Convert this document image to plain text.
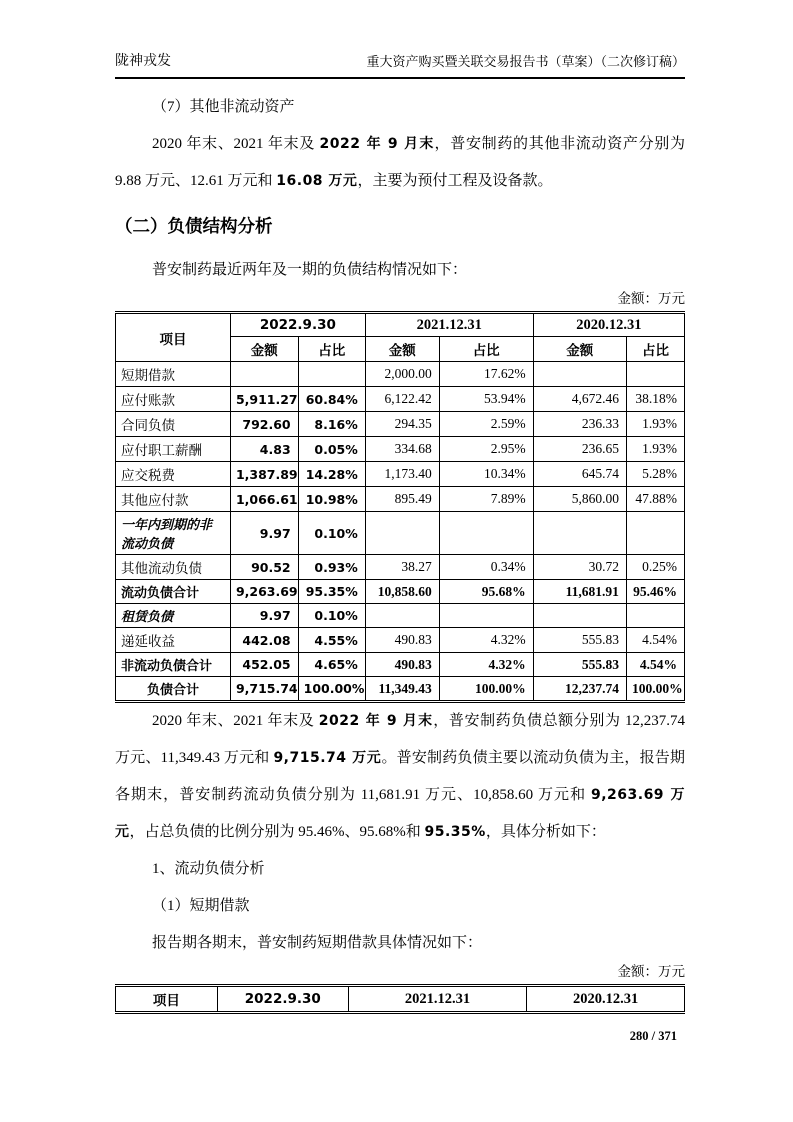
陇神戎发	重大资产购买暨关联交易报告书（草案）（二次修订稿）

（7）其他非流动资产

2020 年末、2021 年末及 2022 年 9 月末，普安制药的其他非流动资产分别为 9.88 万元、12.61 万元和 16.08 万元，主要为预付工程及设备款。

（二）负债结构分析

普安制药最近两年及一期的负债结构情况如下：

金额：万元
项目	2022.9.30		2021.12.31		2020.12.31	
	金额	占比	金额	占比	金额	占比
短期借款			2,000.00	17.62%		
应付账款	5,911.27	60.84%	6,122.42	53.94%	4,672.46	38.18%
合同负债	792.60	8.16%	294.35	2.59%	236.33	1.93%
应付职工薪酬	4.83	0.05%	334.68	2.95%	236.65	1.93%
应交税费	1,387.89	14.28%	1,173.40	10.34%	645.74	5.28%
其他应付款	1,066.61	10.98%	895.49	7.89%	5,860.00	47.88%
一年内到期的非流动负债	9.97	0.10%				
其他流动负债	90.52	0.93%	38.27	0.34%	30.72	0.25%
流动负债合计	9,263.69	95.35%	10,858.60	95.68%	11,681.91	95.46%
租赁负债	9.97	0.10%				
递延收益	442.08	4.55%	490.83	4.32%	555.83	4.54%
非流动负债合计	452.05	4.65%	490.83	4.32%	555.83	4.54%
负债合计	9,715.74	100.00%	11,349.43	100.00%	12,237.74	100.00%

2020 年末、2021 年末及 2022 年 9 月末，普安制药负债总额分别为 12,237.74 万元、11,349.43 万元和 9,715.74 万元。普安制药负债主要以流动负债为主，报告期各期末，普安制药流动负债分别为 11,681.91 万元、10,858.60 万元和 9,263.69 万元，占总负债的比例分别为 95.46%、95.68%和 95.35%，具体分析如下：

1、流动负债分析

（1）短期借款

报告期各期末，普安制药短期借款具体情况如下：

金额：万元
项目	2022.9.30	2021.12.31	2020.12.31
280 / 371
